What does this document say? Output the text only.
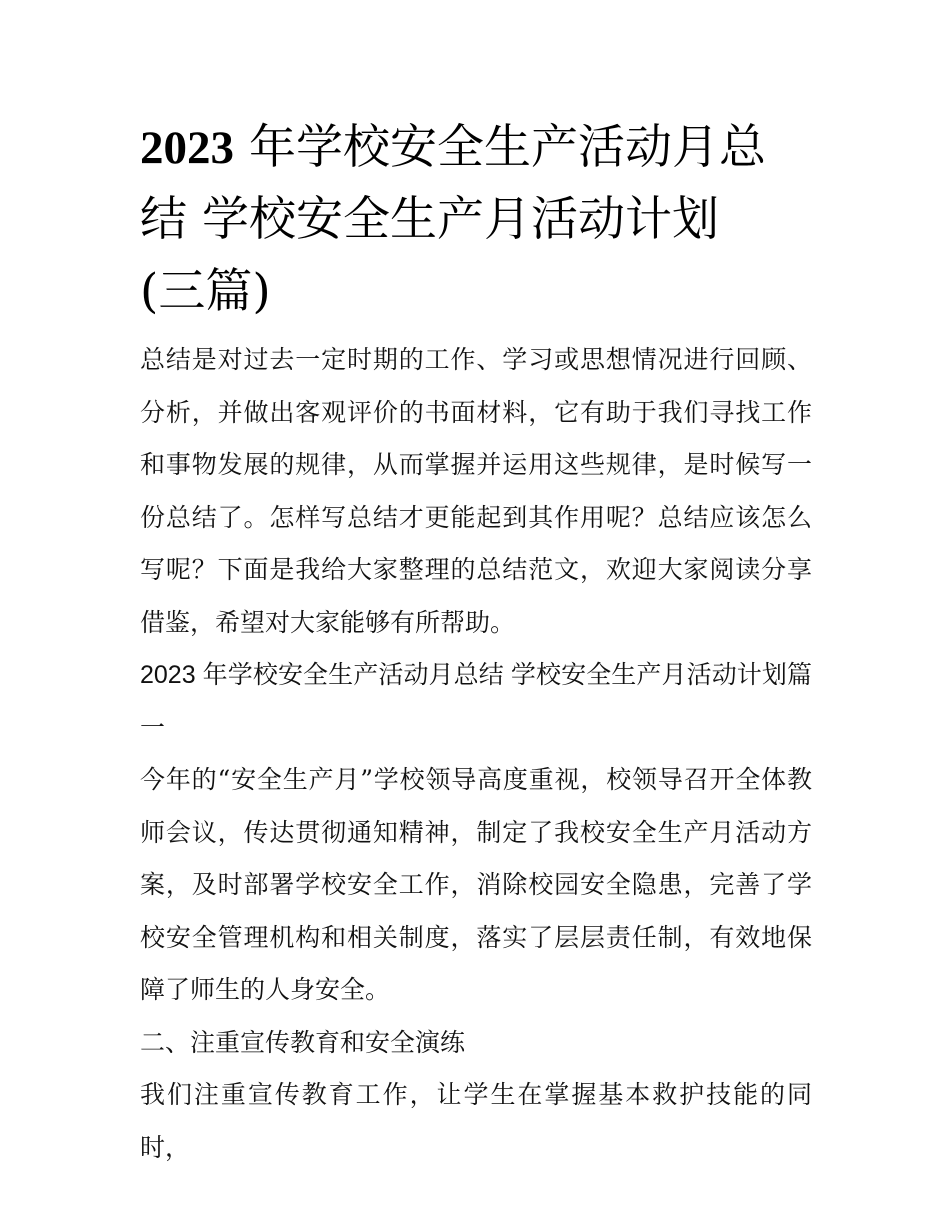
2023 年学校安全生产活动月总
结 学校安全生产月活动计划
(三篇)

总结是对过去一定时期的工作、学习或思想情况进行回顾、分析，并做出客观评价的书面材料，它有助于我们寻找工作和事物发展的规律，从而掌握并运用这些规律，是时候写一份总结了。怎样写总结才更能起到其作用呢？总结应该怎么写呢？下面是我给大家整理的总结范文，欢迎大家阅读分享借鉴，希望对大家能够有所帮助。

2023 年学校安全生产活动月总结 学校安全生产月活动计划篇一

今年的“安全生产月”学校领导高度重视，校领导召开全体教师会议，传达贯彻通知精神，制定了我校安全生产月活动方案，及时部署学校安全工作，消除校园安全隐患，完善了学校安全管理机构和相关制度，落实了层层责任制，有效地保障了师生的人身安全。

二、注重宣传教育和安全演练

我们注重宣传教育工作，让学生在掌握基本救护技能的同时，
